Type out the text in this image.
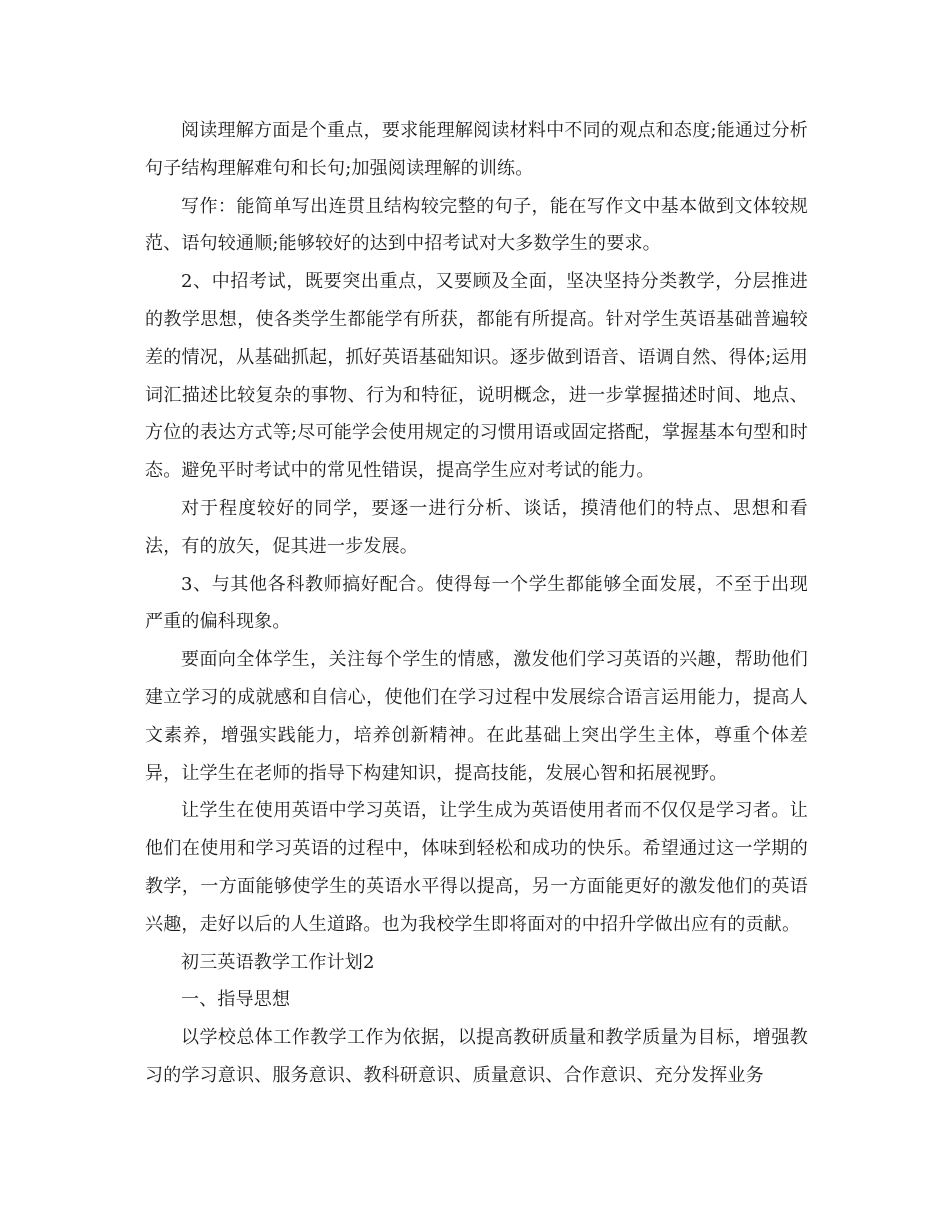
阅读理解方面是个重点，要求能理解阅读材料中不同的观点和态度;能通过分析句子结构理解难句和长句;加强阅读理解的训练。

写作：能简单写出连贯且结构较完整的句子，能在写作文中基本做到文体较规范、语句较通顺;能够较好的达到中招考试对大多数学生的要求。

2、中招考试，既要突出重点，又要顾及全面，坚决坚持分类教学，分层推进的教学思想，使各类学生都能学有所获，都能有所提高。针对学生英语基础普遍较差的情况，从基础抓起，抓好英语基础知识。逐步做到语音、语调自然、得体;运用词汇描述比较复杂的事物、行为和特征，说明概念，进一步掌握描述时间、地点、方位的表达方式等;尽可能学会使用规定的习惯用语或固定搭配，掌握基本句型和时态。避免平时考试中的常见性错误，提高学生应对考试的能力。

对于程度较好的同学，要逐一进行分析、谈话，摸清他们的特点、思想和看法，有的放矢，促其进一步发展。

3、与其他各科教师搞好配合。使得每一个学生都能够全面发展，不至于出现严重的偏科现象。

要面向全体学生，关注每个学生的情感，激发他们学习英语的兴趣，帮助他们建立学习的成就感和自信心，使他们在学习过程中发展综合语言运用能力，提高人文素养，增强实践能力，培养创新精神。在此基础上突出学生主体，尊重个体差异，让学生在老师的指导下构建知识，提高技能，发展心智和拓展视野。

让学生在使用英语中学习英语，让学生成为英语使用者而不仅仅是学习者。让他们在使用和学习英语的过程中，体味到轻松和成功的快乐。希望通过这一学期的教学，一方面能够使学生的英语水平得以提高，另一方面能更好的激发他们的英语兴趣，走好以后的人生道路。也为我校学生即将面对的中招升学做出应有的贡献。

初三英语教学工作计划2

一、指导思想

以学校总体工作教学工作为依据，以提高教研质量和教学质量为目标，增强教习的学习意识、服务意识、教科研意识、质量意识、合作意识、充分发挥业务
